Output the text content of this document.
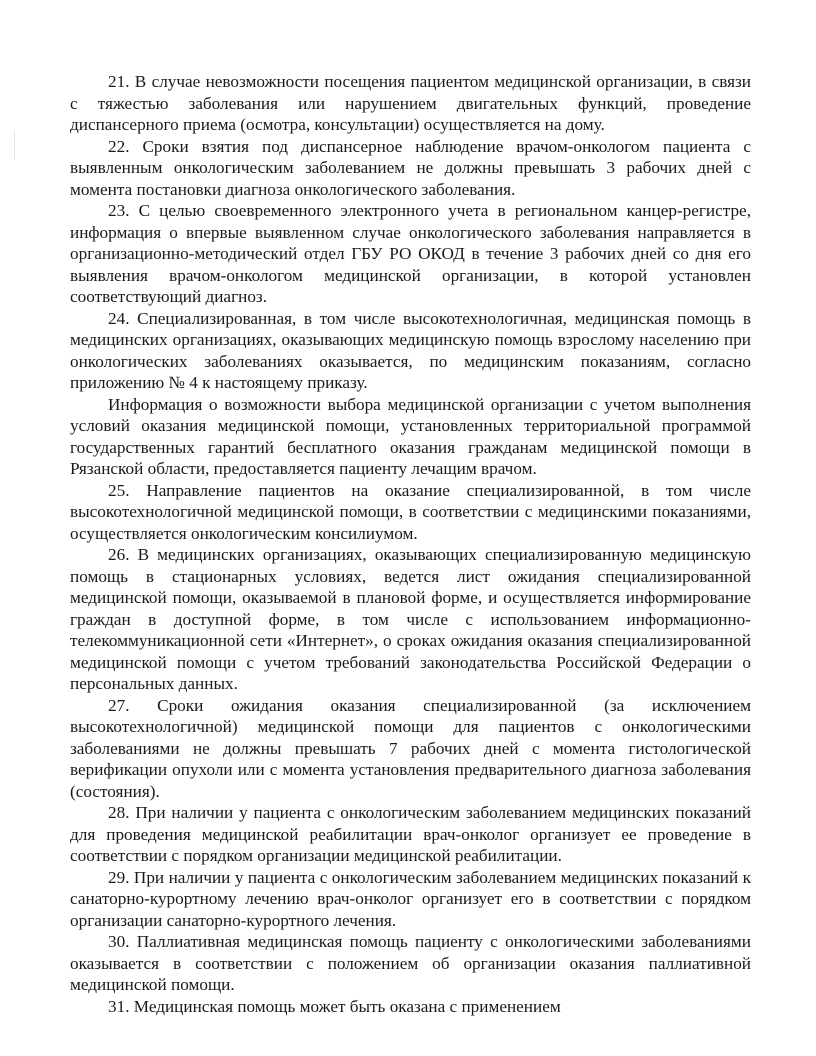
21. В случае невозможности посещения пациентом медицинской организации, в связи с тяжестью заболевания или нарушением двигательных функций, проведение диспансерного приема (осмотра, консультации) осуществляется на дому.

22. Сроки взятия под диспансерное наблюдение врачом-онкологом пациента с выявленным онкологическим заболеванием не должны превышать 3 рабочих дней с момента постановки диагноза онкологического заболевания.

23. С целью своевременного электронного учета в региональном канцер-регистре, информация о впервые выявленном случае онкологического заболевания направляется в организационно-методический отдел ГБУ РО ОКОД в течение 3 рабочих дней со дня его выявления врачом-онкологом медицинской организации, в которой установлен соответствующий диагноз.

24. Специализированная, в том числе высокотехнологичная, медицинская помощь в медицинских организациях, оказывающих медицинскую помощь взрослому населению при онкологических заболеваниях оказывается, по медицинским показаниям, согласно приложению № 4 к настоящему приказу.

Информация о возможности выбора медицинской организации с учетом выполнения условий оказания медицинской помощи, установленных территориальной программой государственных гарантий бесплатного оказания гражданам медицинской помощи в Рязанской области, предоставляется пациенту лечащим врачом.

25. Направление пациентов на оказание специализированной, в том числе высокотехнологичной медицинской помощи, в соответствии с медицинскими показаниями, осуществляется онкологическим консилиумом.

26. В медицинских организациях, оказывающих специализированную медицинскую помощь в стационарных условиях, ведется лист ожидания специализированной медицинской помощи, оказываемой в плановой форме, и осуществляется информирование граждан в доступной форме, в том числе с использованием информационно-телекоммуникационной сети «Интернет», о сроках ожидания оказания специализированной медицинской помощи с учетом требований законодательства Российской Федерации о персональных данных.

27. Сроки ожидания оказания специализированной (за исключением высокотехнологичной) медицинской помощи для пациентов с онкологическими заболеваниями не должны превышать 7 рабочих дней с момента гистологической верификации опухоли или с момента установления предварительного диагноза заболевания (состояния).

28. При наличии у пациента с онкологическим заболеванием медицинских показаний для проведения медицинской реабилитации врач-онколог организует ее проведение в соответствии с порядком организации медицинской реабилитации.

29. При наличии у пациента с онкологическим заболеванием медицинских показаний к санаторно-курортному лечению врач-онколог организует его в соответствии с порядком организации санаторно-курортного лечения.

30. Паллиативная медицинская помощь пациенту с онкологическими заболеваниями оказывается в соответствии с положением об организации оказания паллиативной медицинской помощи.

31. Медицинская помощь может быть оказана с применением
